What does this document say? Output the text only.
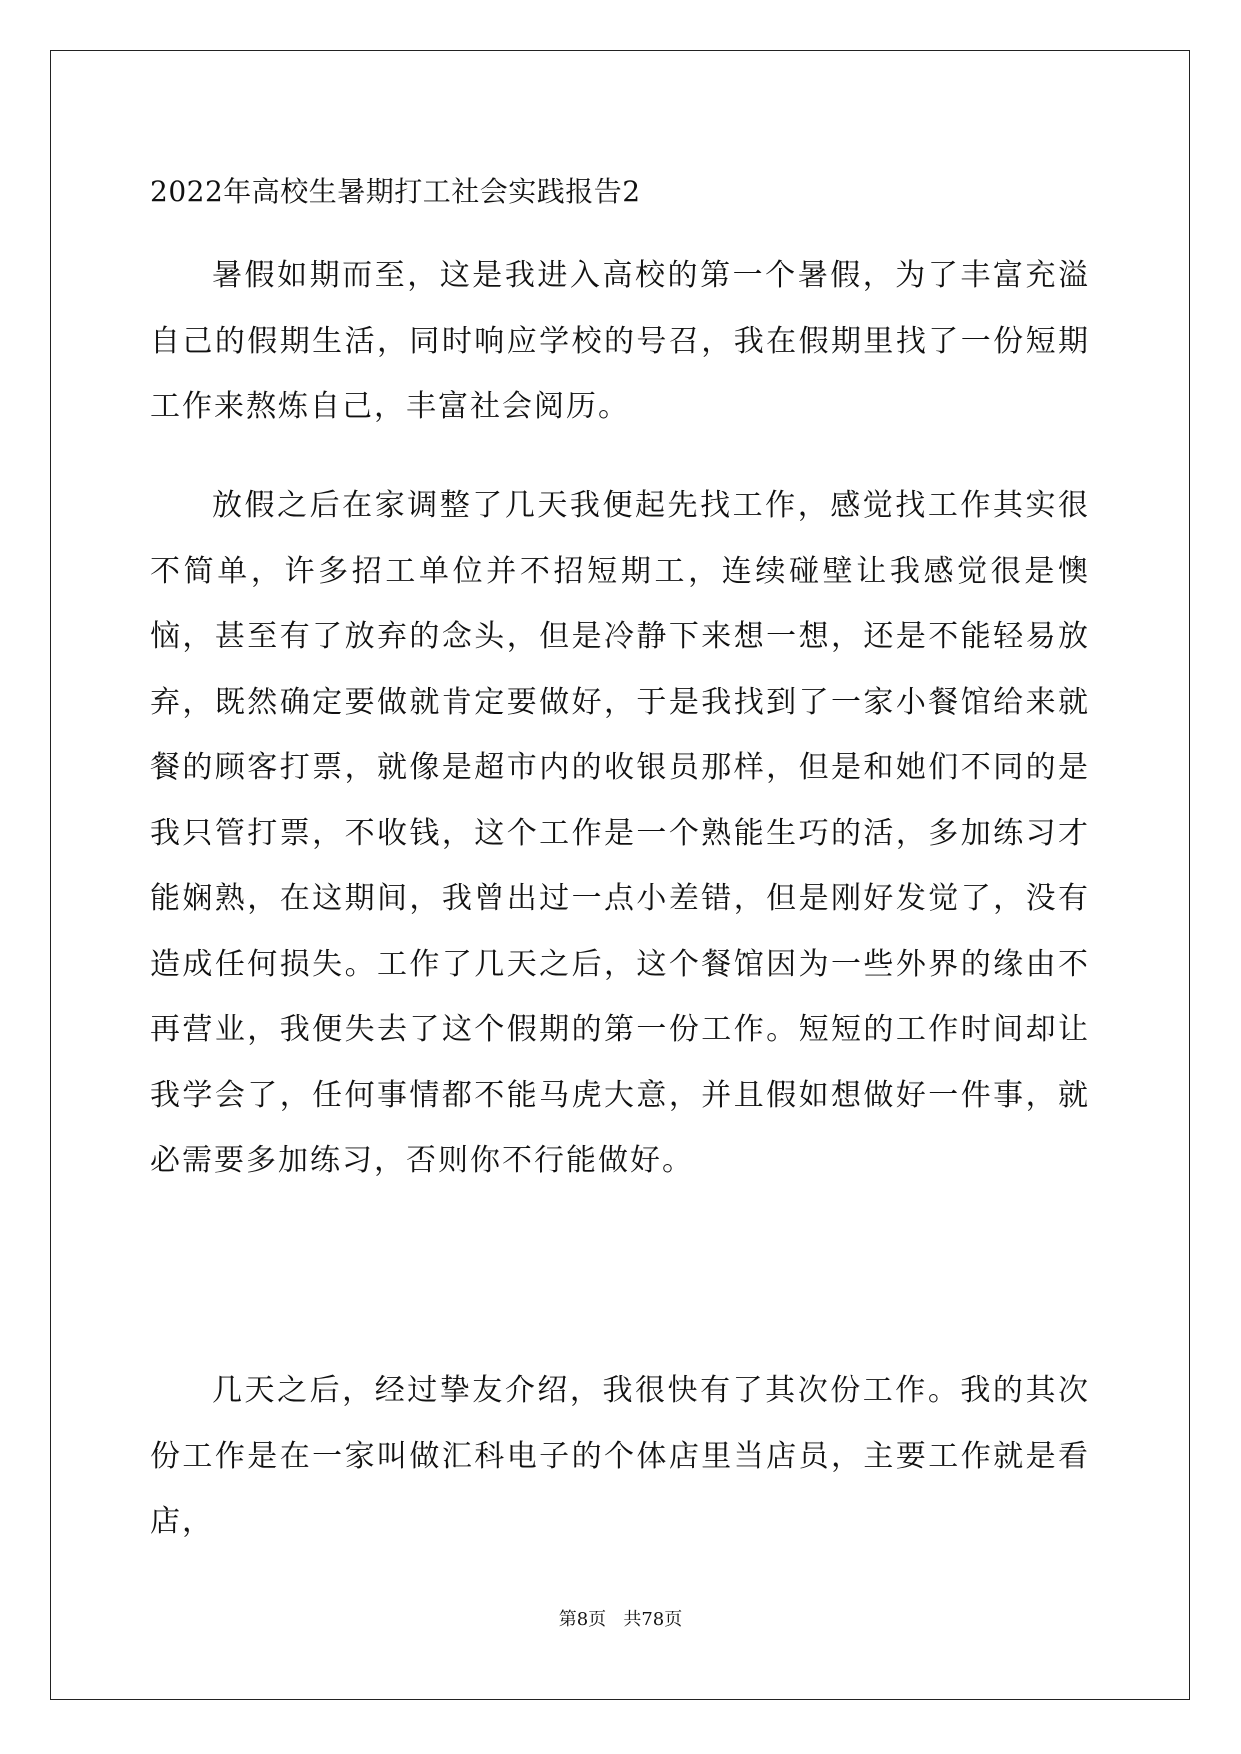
2022年高校生暑期打工社会实践报告2

暑假如期而至，这是我进入高校的第一个暑假，为了丰富充溢自己的假期生活，同时响应学校的号召，我在假期里找了一份短期工作来熬炼自己，丰富社会阅历。

放假之后在家调整了几天我便起先找工作，感觉找工作其实很不简单，许多招工单位并不招短期工，连续碰壁让我感觉很是懊恼，甚至有了放弃的念头，但是冷静下来想一想，还是不能轻易放弃，既然确定要做就肯定要做好，于是我找到了一家小餐馆给来就餐的顾客打票，就像是超市内的收银员那样，但是和她们不同的是我只管打票，不收钱，这个工作是一个熟能生巧的活，多加练习才能娴熟，在这期间，我曾出过一点小差错，但是刚好发觉了，没有造成任何损失。工作了几天之后，这个餐馆因为一些外界的缘由不再营业，我便失去了这个假期的第一份工作。短短的工作时间却让我学会了，任何事情都不能马虎大意，并且假如想做好一件事，就必需要多加练习，否则你不行能做好。

几天之后，经过挚友介绍，我很快有了其次份工作。我的其次份工作是在一家叫做汇科电子的个体店里当店员，主要工作就是看店，

第8页 共78页
